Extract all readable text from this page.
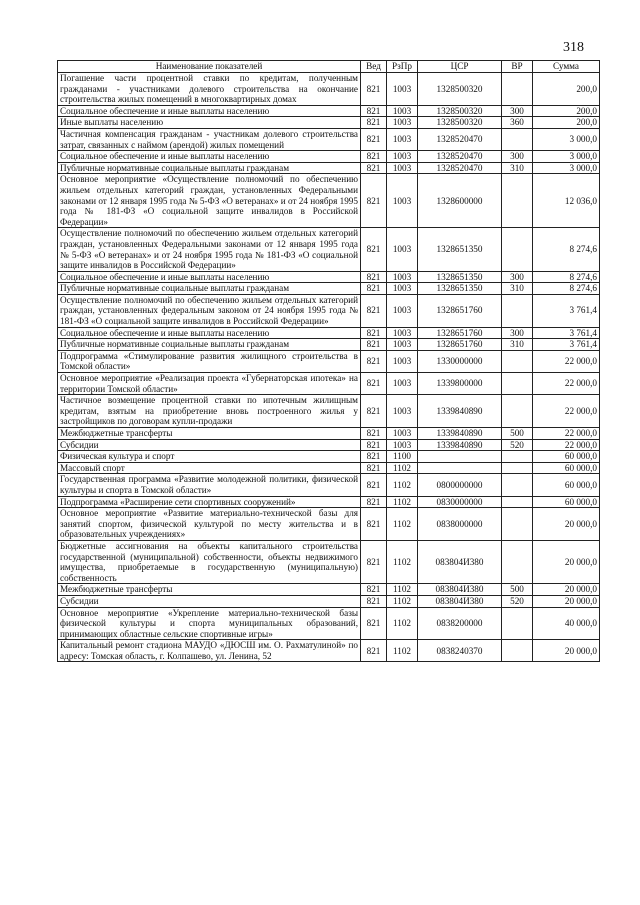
318
Наименование показателей	Вед	РзПр	ЦСР	ВР	Сумма
Погашение части процентной ставки по кредитам, полученным гражданами - участниками долевого строительства на окончание строительства жилых помещений в многоквартирных домах	821	1003	1328500320		200,0
Социальное обеспечение и иные выплаты населению	821	1003	1328500320	300	200,0
Иные выплаты населению	821	1003	1328500320	360	200,0
Частичная компенсация гражданам - участникам долевого строительства затрат, связанных с наймом (арендой) жилых помещений	821	1003	1328520470		3 000,0
Социальное обеспечение и иные выплаты населению	821	1003	1328520470	300	3 000,0
Публичные нормативные социальные выплаты гражданам	821	1003	1328520470	310	3 000,0
Основное мероприятие «Осуществление полномочий по обеспечению жильем отдельных категорий граждан, установленных Федеральными законами от 12 января 1995 года № 5-ФЗ «О ветеранах» и от 24 ноября 1995 года № 181-ФЗ «О социальной защите инвалидов в Российской Федерации»	821	1003	1328600000		12 036,0
Осуществление полномочий по обеспечению жильем отдельных категорий граждан, установленных Федеральными законами от 12 января 1995 года № 5-ФЗ «О ветеранах» и от 24 ноября 1995 года № 181-ФЗ «О социальной защите инвалидов в Российской Федерации»	821	1003	1328651350		8 274,6
Социальное обеспечение и иные выплаты населению	821	1003	1328651350	300	8 274,6
Публичные нормативные социальные выплаты гражданам	821	1003	1328651350	310	8 274,6
Осуществление полномочий по обеспечению жильем отдельных категорий граждан, установленных федеральным законом от 24 ноября 1995 года № 181-ФЗ «О социальной защите инвалидов в Российской Федерации»	821	1003	1328651760		3 761,4
Социальное обеспечение и иные выплаты населению	821	1003	1328651760	300	3 761,4
Публичные нормативные социальные выплаты гражданам	821	1003	1328651760	310	3 761,4
Подпрограмма «Стимулирование развития жилищного строительства в Томской области»	821	1003	1330000000		22 000,0
Основное мероприятие «Реализация проекта «Губернаторская ипотека» на территории Томской области»	821	1003	1339800000		22 000,0
Частичное возмещение процентной ставки по ипотечным жилищным кредитам, взятым на приобретение вновь построенного жилья у застройщиков по договорам купли-продажи	821	1003	1339840890		22 000,0
Межбюджетные трансферты	821	1003	1339840890	500	22 000,0
Субсидии	821	1003	1339840890	520	22 000,0
Физическая культура и спорт	821	1100			60 000,0
Массовый спорт	821	1102			60 000,0
Государственная программа «Развитие молодежной политики, физической культуры и спорта в Томской области»	821	1102	0800000000		60 000,0
Подпрограмма «Расширение сети спортивных сооружений»	821	1102	0830000000		60 000,0
Основное мероприятие «Развитие материально-технической базы для занятий спортом, физической культурой по месту жительства и в образовательных учреждениях»	821	1102	0838000000		20 000,0
Бюджетные ассигнования на объекты капитального строительства государственной (муниципальной) собственности, объекты недвижимого имущества, приобретаемые в государственную (муниципальную) собственность	821	1102	083804И380		20 000,0
Межбюджетные трансферты	821	1102	083804И380	500	20 000,0
Субсидии	821	1102	083804И380	520	20 000,0
Основное мероприятие «Укрепление материально-технической базы физической культуры и спорта муниципальных образований, принимающих областные сельские спортивные игры»	821	1102	0838200000		40 000,0
Капитальный ремонт стадиона МАУДО «ДЮСШ им. О. Рахматулиной» по адресу: Томская область, г. Колпашево, ул. Ленина, 52	821	1102	0838240370		20 000,0
